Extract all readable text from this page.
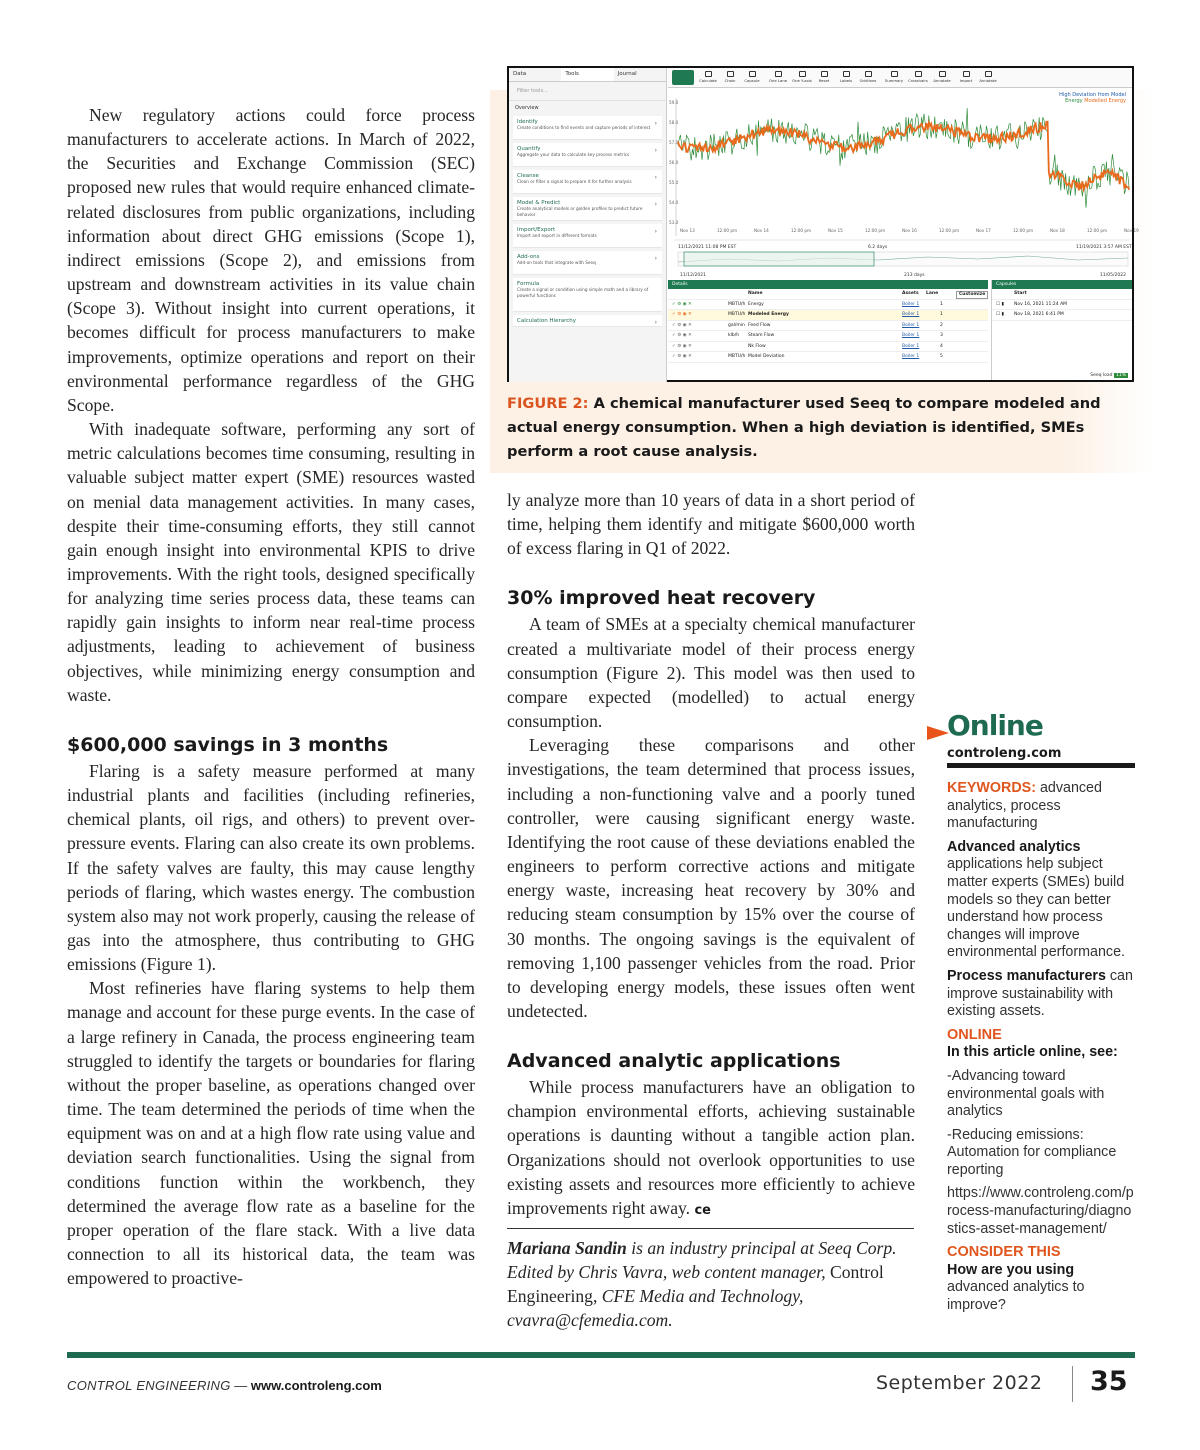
New regulatory actions could force process manufacturers to accelerate actions. In March of 2022, the Securities and Exchange Commission (SEC) proposed new rules that would require enhanced climate-related disclosures from public organizations, including information about direct GHG emissions (Scope 1), indirect emissions (Scope 2), and emissions from upstream and downstream activities in its value chain (Scope 3). Without insight into current operations, it becomes difficult for process manufacturers to make improvements, optimize operations and report on their environmental performance regardless of the GHG Scope.

With inadequate software, performing any sort of metric calculations becomes time consuming, resulting in valuable subject matter expert (SME) resources wasted on menial data management activities. In many cases, despite their time-consuming efforts, they still cannot gain enough insight into environmental KPIS to drive improvements. With the right tools, designed specifically for analyzing time series process data, these teams can rapidly gain insights to inform near real-time process adjustments, leading to achievement of business objectives, while minimizing energy consumption and waste.

$600,000 savings in 3 months

Flaring is a safety measure performed at many industrial plants and facilities (including refineries, chemical plants, oil rigs, and others) to prevent over-pressure events. Flaring can also create its own problems. If the safety valves are faulty, this may cause lengthy periods of flaring, which wastes energy. The combustion system also may not work properly, causing the release of gas into the atmosphere, thus contributing to GHG emissions (Figure 1).

Most refineries have flaring systems to help them manage and account for these purge events. In the case of a large refinery in Canada, the process engineering team struggled to identify the targets or boundaries for flaring without the proper baseline, as operations changed over time. The team determined the periods of time when the equipment was on and at a high flow rate using value and deviation search functionalities. Using the signal from conditions function within the workbench, they determined the average flow rate as a baseline for the proper operation of the flare stack. With a live data connection to all its historical data, the team was empowered to proactive-

Data	Tools	Journal
Filter tools...
Overview
Identify
Create conditions to find events and capture periods of interest
›
Quantify
Aggregate your data to calculate key process metrics
›
Cleanse
Clean or filter a signal to prepare it for further analysis
›
Model & Predict
Create analytical models or golden profiles to predict future behavior
›
Import/Export
Import and export in different formats
›
Add-ons
Add-on tools that integrate with Seeq
›
Formula
Create a signal or condition using simple math and a library of powerful functions
Calculation Hierarchy	›
Calculate	Chain	Capsule	One Lane One Y-axis	Reset	Labels	Gridlines	Summary Crosshairs	Annotate	Import	Annotate
59.0
58.0
57.0
56.0
55.0
54.0
53.0
Nov 13	12:00 pm	Nov 14	12:00 pm	Nov 15	12:00 pm	Nov 16	12:00 pm	Nov 17	12:00 pm	Nov 18	12:00 pm	Nov 19
11/12/2021 11:08 PM EST	6.2 days	11/19/2021 3:57 AM EST
11/12/2021	213 days	11/05/2022
High Deviation from Model
Energy Modelled Energy
Details
Name	Assets Lane	Customize
✓ ⚙ ◉ ✕	MBTU/h Energy	Boiler 1	1
✓ ⚙ ◉ ✕	MBTU/h Modeled Energy	Boiler 1	1
✓ ⚙ ◉ ✕	gal/min Feed Flow	Boiler 1	2
✓ ⚙ ◉ ✕	klb/h Steam Flow	Boiler 1	3
✓ ⚙ ◉ ✕	Nk Flow	Boiler 1	4
✓ ⚙ ◉ ✕	MBTU/h Model Deviation	Boiler 1	5
Capsules
Start
☐ ▮ Nov 16, 2021 11:24 AM
☐ ▮ Nov 18, 2021 6:41 PM
Seeq load 11%
FIGURE 2: A chemical manufacturer used Seeq to compare modeled and actual energy consumption. When a high deviation is identified, SMEs perform a root cause analysis.

ly analyze more than 10 years of data in a short period of time, helping them identify and mitigate $600,000 worth of excess flaring in Q1 of 2022.

30% improved heat recovery

A team of SMEs at a specialty chemical manufacturer created a multivariate model of their process energy consumption (Figure 2). This model was then used to compare expected (modelled) to actual energy consumption.

Leveraging these comparisons and other investigations, the team determined that process issues, including a non-functioning valve and a poorly tuned controller, were causing significant energy waste. Identifying the root cause of these deviations enabled the engineers to perform corrective actions and mitigate energy waste, increasing heat recovery by 30% and reducing steam consumption by 15% over the course of 30 months. The ongoing savings is the equivalent of removing 1,100 passenger vehicles from the road. Prior to developing energy models, these issues often went undetected.

Advanced analytic applications

While process manufacturers have an obligation to champion environmental efforts, achieving sustainable operations is daunting without a tangible action plan. Organizations should not overlook opportunities to use existing assets and resources more efficiently to achieve improvements right away. ce

Mariana Sandin is an industry principal at Seeq Corp. Edited by Chris Vavra, web content manager, Control Engineering, CFE Media and Technology, cvavra@cfemedia.com.
Online
controleng.com
KEYWORDS: advanced analytics, process manufacturing
Advanced analytics applications help subject matter experts (SMEs) build models so they can better understand how process changes will improve environmental performance.
Process manufacturers can improve sustainability with existing assets.
ONLINE
In this article online, see:
-Advancing toward environmental goals with analytics
-Reducing emissions: Automation for compliance reporting
https://www.controleng.com/process-manufacturing/diagnostics-asset-management/
CONSIDER THIS
How are you using advanced analytics to improve?
CONTROL ENGINEERING — www.controleng.com	September 2022 35
